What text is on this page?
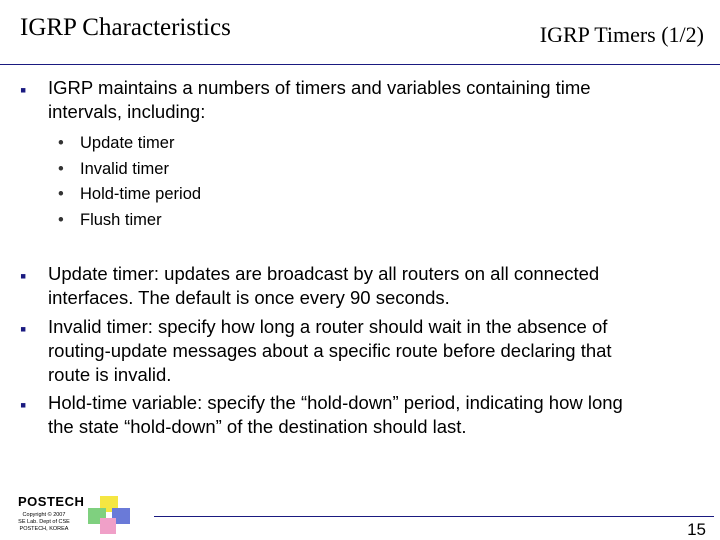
IGRP Characteristics	IGRP Timers (1/2)
▪ IGRP maintains a numbers of timers and variables containing time
intervals, including:
• Update timer
• Invalid timer
• Hold-time period
• Flush timer
▪ Update timer: updates are broadcast by all routers on all connected
interfaces. The default is once every 90 seconds.
▪ Invalid timer: specify how long a router should wait in the absence of
routing-update messages about a specific route before declaring that
route is invalid.
▪ Hold-time variable: specify the “hold-down” period, indicating how long
the state “hold-down” of the destination should last.
POSTECH
Copyright © 2007
SE Lab. Dept of CSE
POSTECH, KOREA	15
